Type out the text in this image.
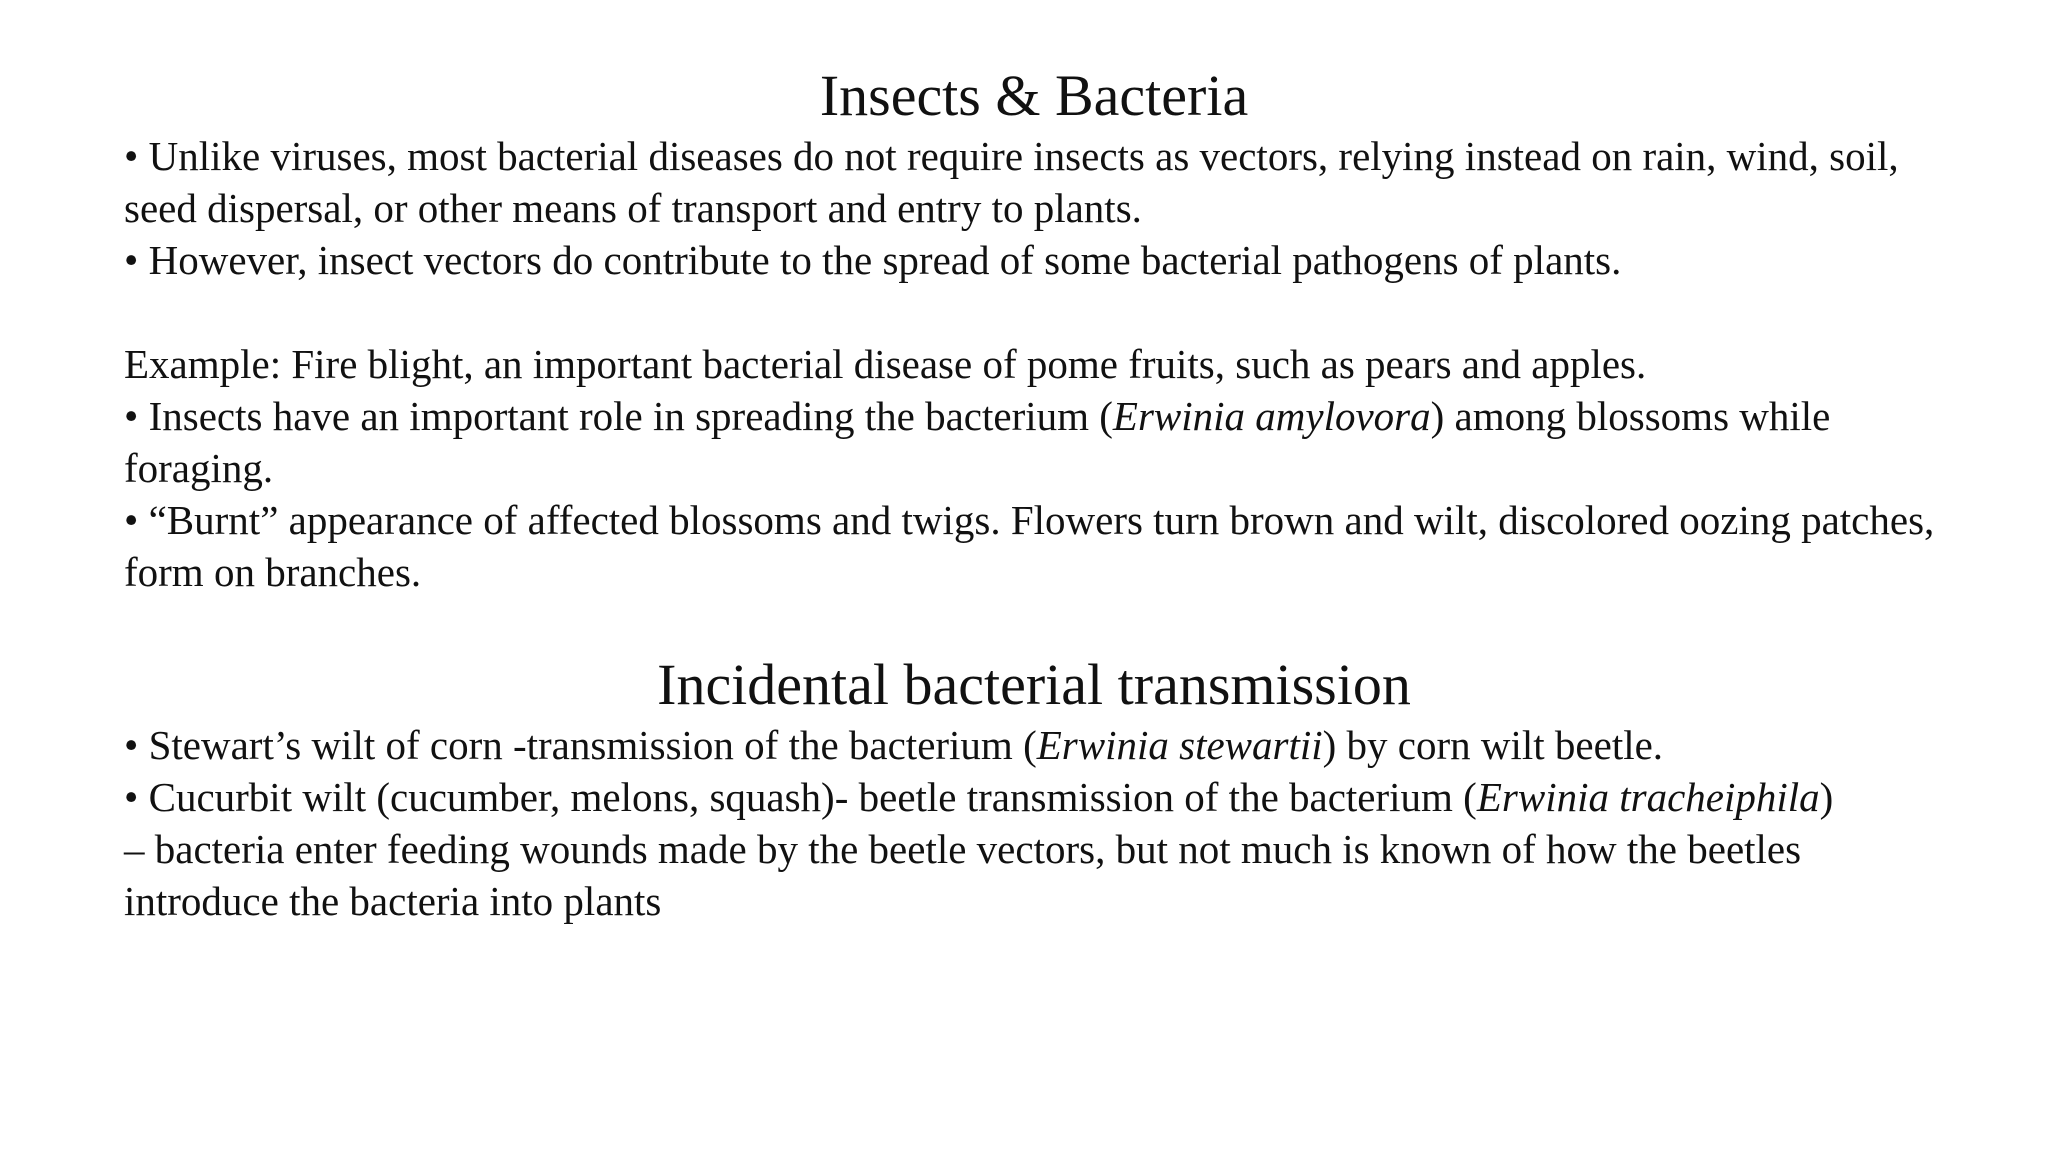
Insects & Bacteria

• Unlike viruses, most bacterial diseases do not require insects as vectors, relying instead on rain, wind, soil, seed dispersal, or other means of transport and entry to plants.

• However, insect vectors do contribute to the spread of some bacterial pathogens of plants.

Example: Fire blight, an important bacterial disease of pome fruits, such as pears and apples.

• Insects have an important role in spreading the bacterium (Erwinia amylovora) among blossoms while foraging.

• “Burnt” appearance of affected blossoms and twigs. Flowers turn brown and wilt, discolored oozing patches, form on branches.

Incidental bacterial transmission

• Stewart’s wilt of corn -transmission of the bacterium (Erwinia stewartii) by corn wilt beetle.

• Cucurbit wilt (cucumber, melons, squash)- beetle transmission of the bacterium (Erwinia tracheiphila)

– bacteria enter feeding wounds made by the beetle vectors, but not much is known of how the beetles introduce the bacteria into plants
